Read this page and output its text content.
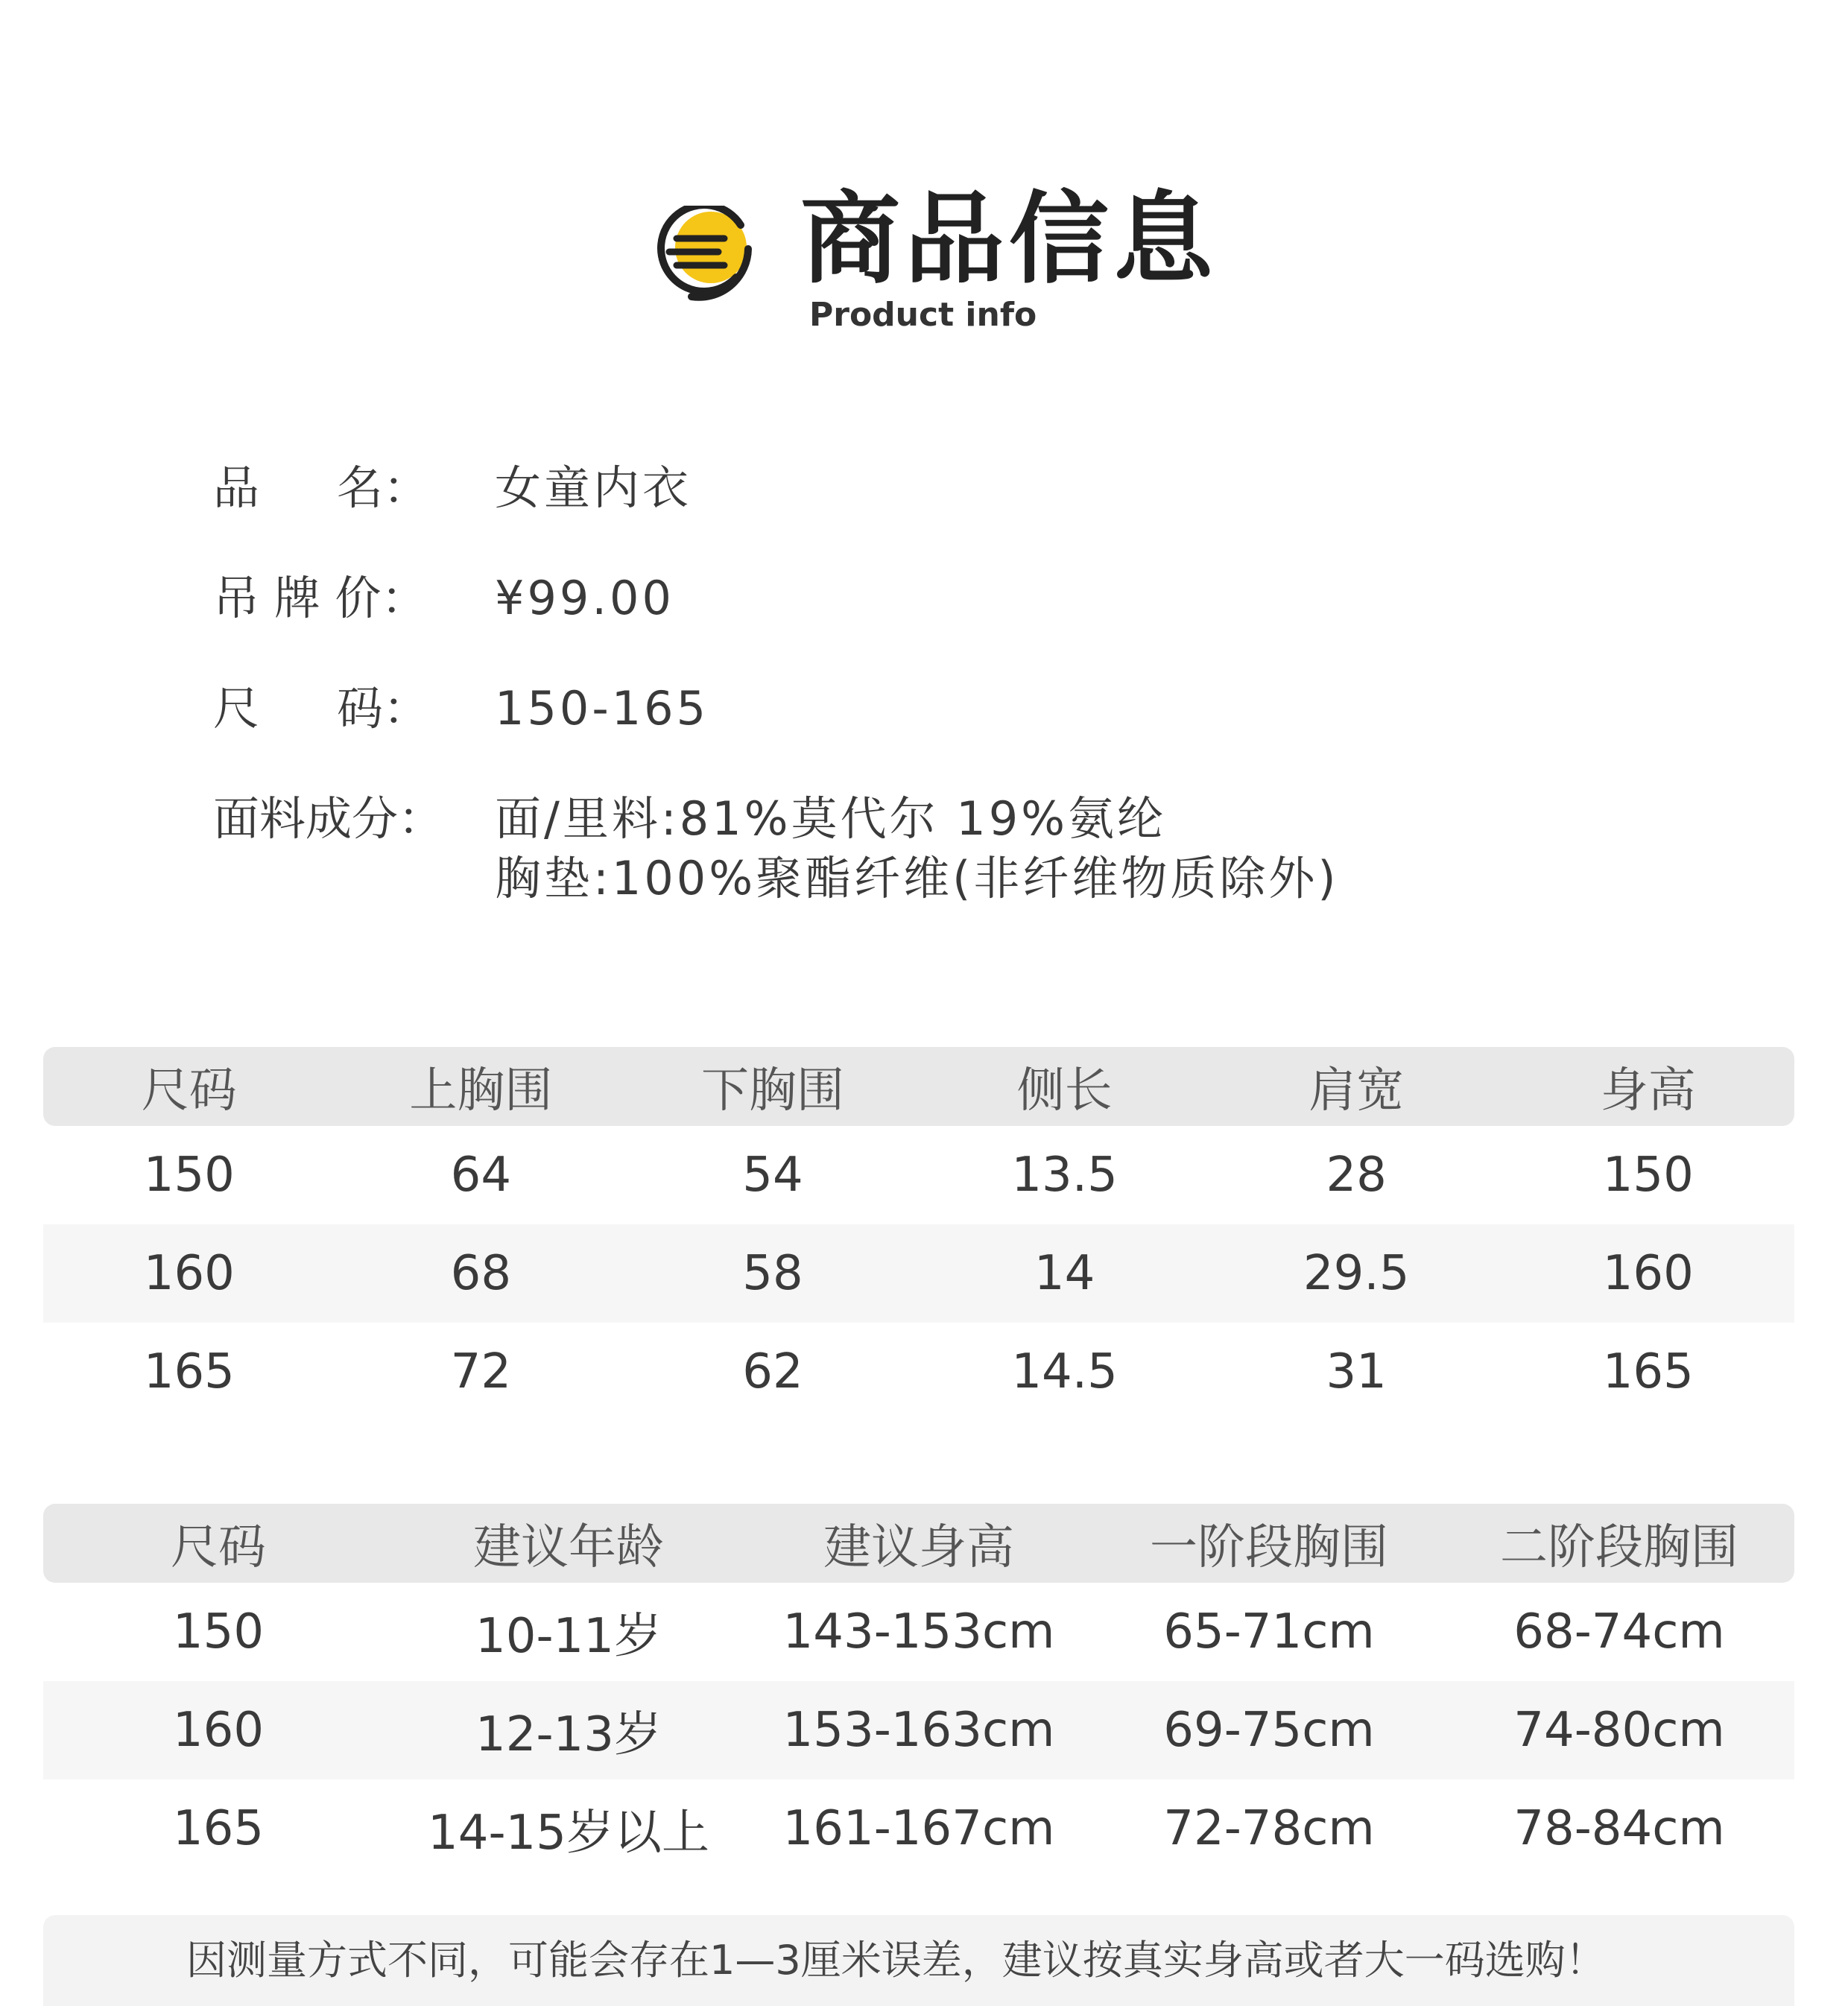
商品信息
Product info
品 名： 女童内衣

吊 牌 价：	¥99.00

尺 码： 150-165

面料成分： 面/里料:81%莫代尔 19%氨纶
胸垫:100%聚酯纤维(非纤维物质除外)
尺码	上胸围	下胸围	侧长	肩宽	身高
150	64	54	13.5	28	150
160	68	58	14	29.5	160
165	72	62	14.5	31	165
尺码	建议年龄	建议身高	一阶段胸围	二阶段胸围
150	10-11岁	143-153cm	65-71cm	68-74cm
160	12-13岁	153-163cm	69-75cm	74-80cm
165	14-15岁以上	161-167cm	72-78cm	78-84cm
因测量方式不同，可能会存在1—3厘米误差，建议按真实身高或者大一码选购！
